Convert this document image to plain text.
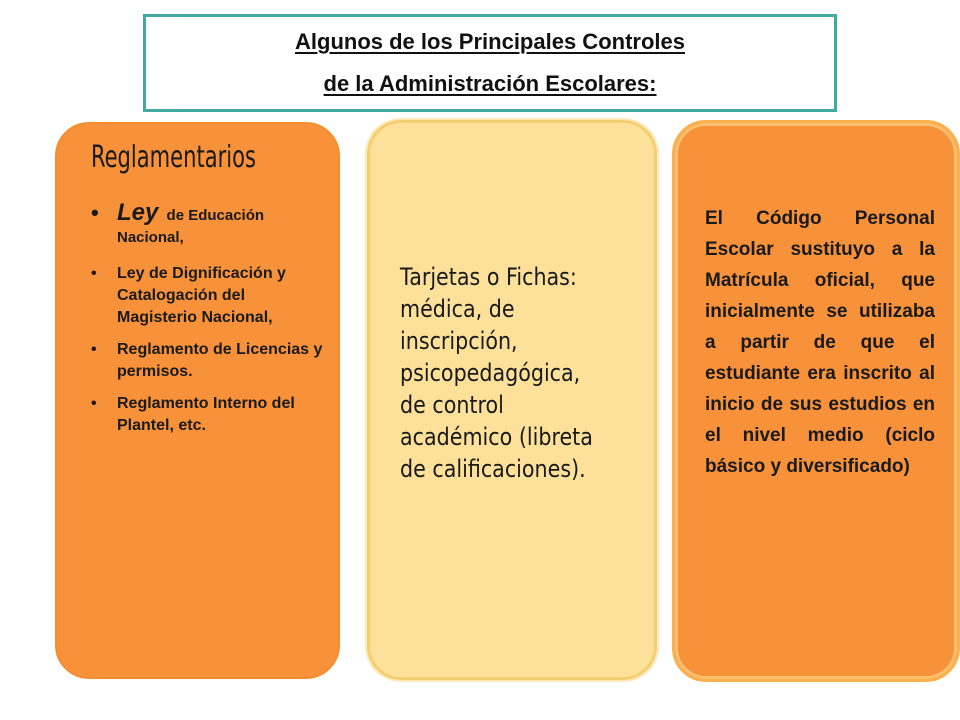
Algunos de los Principales Controles
de la Administración Escolares:
Reglamentarios
• Ley de Educación Nacional,
• Ley de Dignificación y Catalogación del Magisterio Nacional,
• Reglamento de Licencias y permisos.
• Reglamento Interno del Plantel, etc.
Tarjetas o Fichas: médica, de inscripción, psicopedagógica, de control académico (libreta de calificaciones).
El Código Personal Escolar sustituyo a la Matrícula oficial, que inicialmente se utilizaba a partir de que el estudiante era inscrito al inicio de sus estudios en el nivel medio (ciclo básico y diversificado)
